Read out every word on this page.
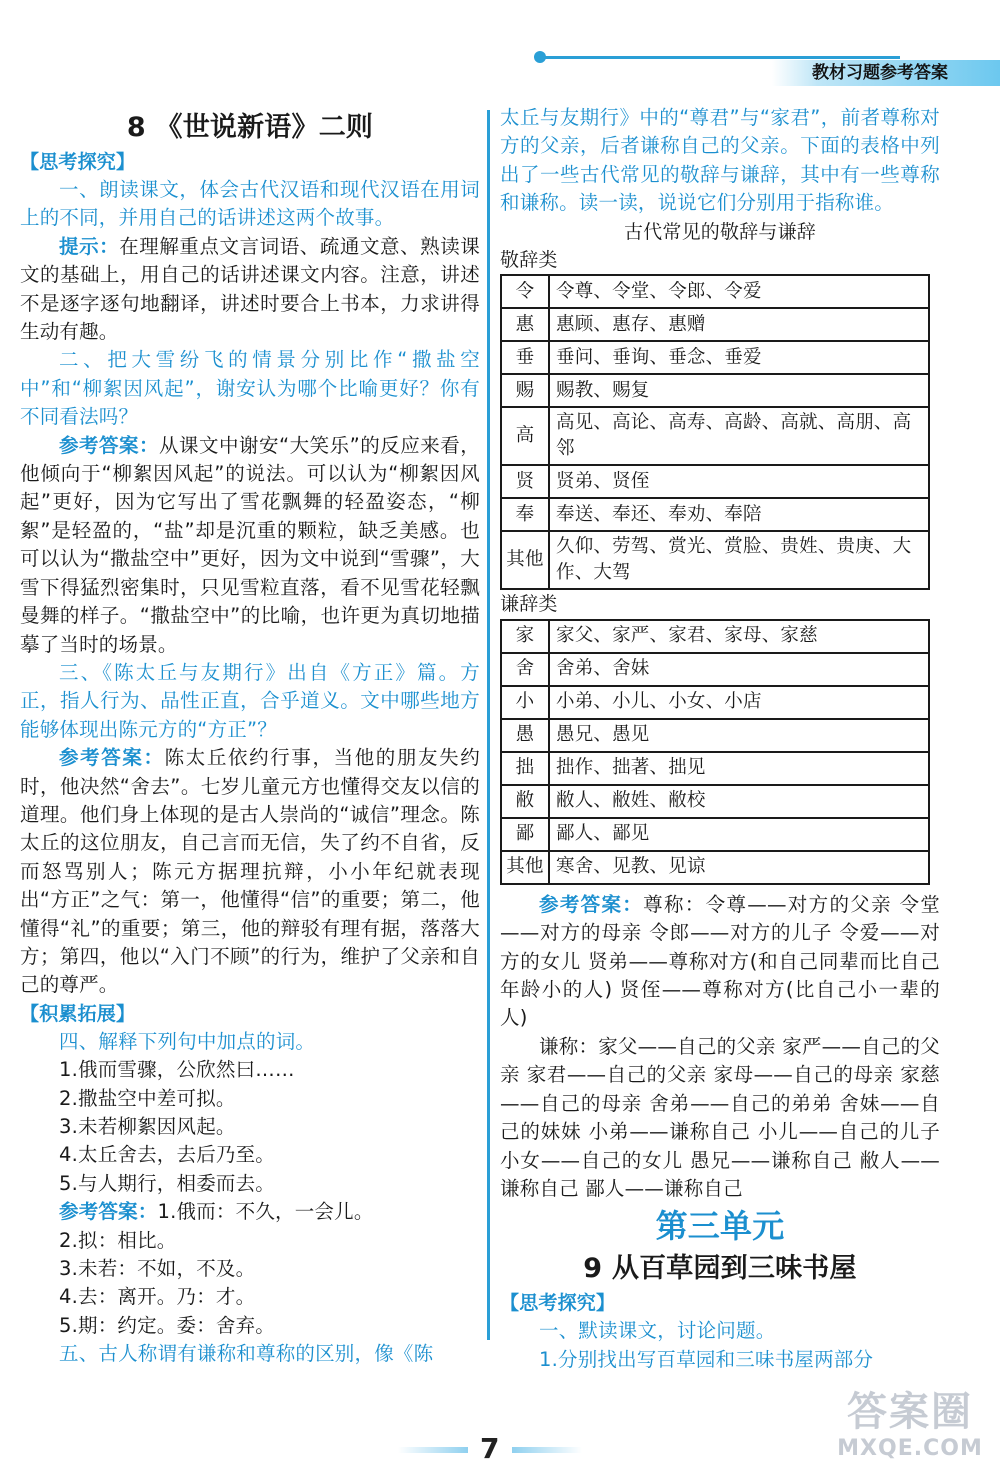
教材习题参考答案

8 《世说新语》二则

【思考探究】

一、朗读课文，体会古代汉语和现代汉语在用词上的不同，并用自己的话讲述这两个故事。

提示：在理解重点文言词语、疏通文意、熟读课文的基础上，用自己的话讲述课文内容。注意，讲述不是逐字逐句地翻译，讲述时要合上书本，力求讲得生动有趣。

二、把大雪纷飞的情景分别比作“撒盐空中”和“柳絮因风起”，谢安认为哪个比喻更好？你有不同看法吗？

参考答案：从课文中谢安“大笑乐”的反应来看，他倾向于“柳絮因风起”的说法。可以认为“柳絮因风起”更好，因为它写出了雪花飘舞的轻盈姿态，“柳絮”是轻盈的，“盐”却是沉重的颗粒，缺乏美感。也可以认为“撒盐空中”更好，因为文中说到“雪骤”，大雪下得猛烈密集时，只见雪粒直落，看不见雪花轻飘曼舞的样子。“撒盐空中”的比喻，也许更为真切地描摹了当时的场景。

三、《陈太丘与友期行》出自《方正》篇。方正，指人行为、品性正直，合乎道义。文中哪些地方能够体现出陈元方的“方正”？

参考答案：陈太丘依约行事，当他的朋友失约时，他决然“舍去”。七岁儿童元方也懂得交友以信的道理。他们身上体现的是古人崇尚的“诚信”理念。陈太丘的这位朋友，自己言而无信，失了约不自省，反而怒骂别人；陈元方据理抗辩，小小年纪就表现出“方正”之气：第一，他懂得“信”的重要；第二，他懂得“礼”的重要；第三，他的辩驳有理有据，落落大方；第四，他以“入门不顾”的行为，维护了父亲和自己的尊严。

【积累拓展】

四、解释下列句中加点的词。

1.俄而雪骤，公欣然曰……

2.撒盐空中差可拟。

3.未若柳絮因风起。

4.太丘舍去，去后乃至。

5.与人期行，相委而去。

参考答案：1.俄而：不久，一会儿。

2.拟：相比。

3.未若：不如，不及。

4.去：离开。乃：才。

5.期：约定。委：舍弃。

五、古人称谓有谦称和尊称的区别，像《陈

太丘与友期行》中的“尊君”与“家君”，前者尊称对方的父亲，后者谦称自己的父亲。下面的表格中列出了一些古代常见的敬辞与谦辞，其中有一些尊称和谦称。读一读，说说它们分别用于指称谁。

古代常见的敬辞与谦辞

敬辞类

令	令尊、令堂、令郎、令爱
惠	惠顾、惠存、惠赠
垂	垂问、垂询、垂念、垂爱
赐	赐教、赐复
高	高见、高论、高寿、高龄、高就、高朋、高邻
贤	贤弟、贤侄
奉	奉送、奉还、奉劝、奉陪
其他	久仰、劳驾、赏光、赏脸、贵姓、贵庚、大作、大驾

谦辞类

家	家父、家严、家君、家母、家慈
舍	舍弟、舍妹
小	小弟、小儿、小女、小店
愚	愚兄、愚见
拙	拙作、拙著、拙见
敝	敝人、敝姓、敝校
鄙	鄙人、鄙见
其他	寒舍、见教、见谅

参考答案：尊称：令尊——对方的父亲 令堂——对方的母亲 令郎——对方的儿子 令爱——对方的女儿 贤弟——尊称对方(和自己同辈而比自己年龄小的人) 贤侄——尊称对方(比自己小一辈的人)

谦称：家父——自己的父亲 家严——自己的父亲 家君——自己的父亲 家母——自己的母亲 家慈——自己的母亲 舍弟——自己的弟弟 舍妹——自己的妹妹 小弟——谦称自己 小儿——自己的儿子 小女——自己的女儿 愚兄——谦称自己 敝人——谦称自己 鄙人——谦称自己

第三单元

9 从百草园到三味书屋

【思考探究】

一、默读课文，讨论问题。

1.分别找出写百草园和三味书屋两部分

7
答案圈
MXQE.COM
